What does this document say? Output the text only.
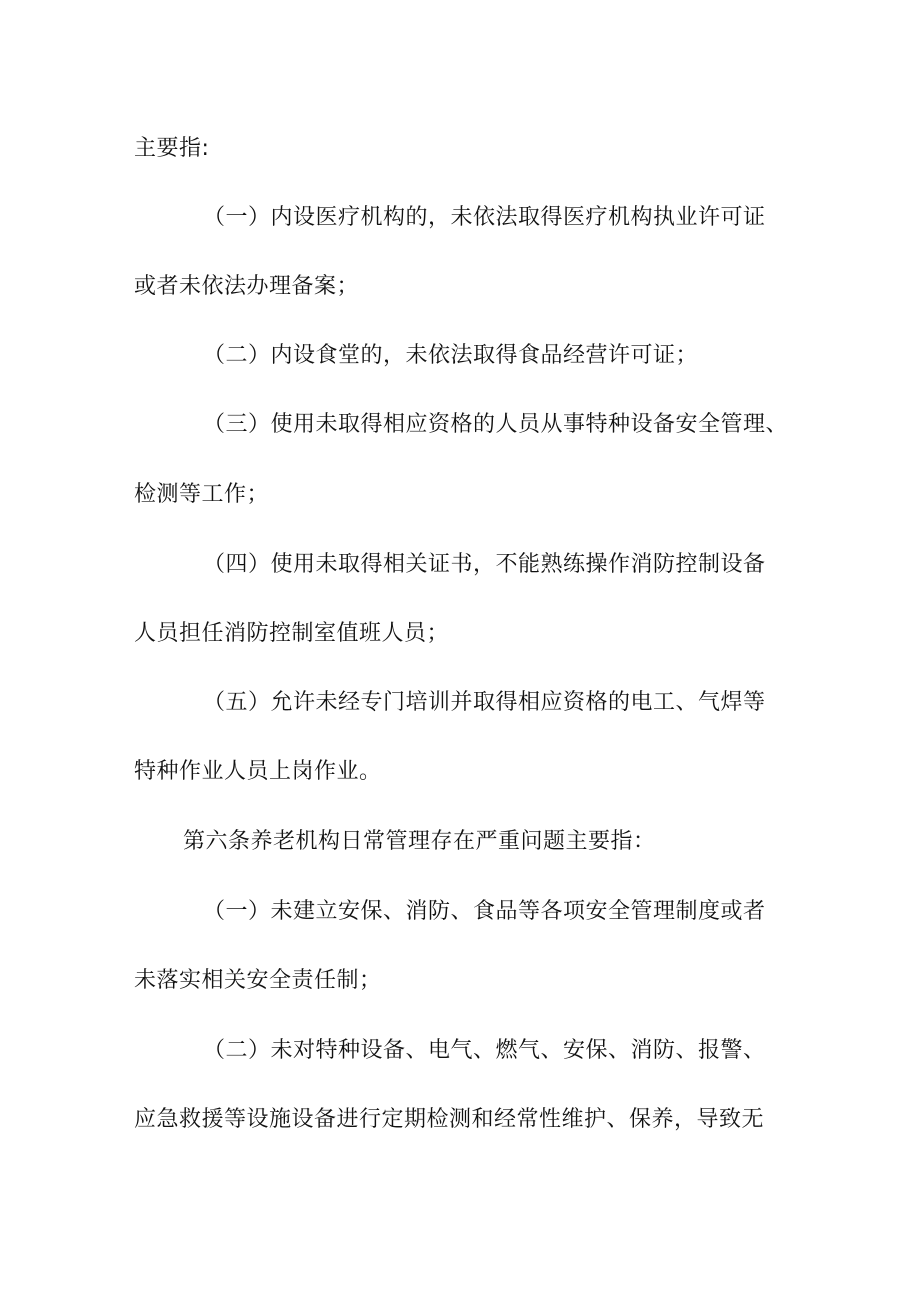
主要指:
（一）内设医疗机构的，未依法取得医疗机构执业许可证
或者未依法办理备案；
（二）内设食堂的，未依法取得食品经营许可证；
（三）使用未取得相应资格的人员从事特种设备安全管理、
检测等工作；
（四）使用未取得相关证书，不能熟练操作消防控制设备
人员担任消防控制室值班人员；
（五）允许未经专门培训并取得相应资格的电工、气焊等
特种作业人员上岗作业。
第六条养老机构日常管理存在严重问题主要指：
（一）未建立安保、消防、食品等各项安全管理制度或者
未落实相关安全责任制；
（二）未对特种设备、电气、燃气、安保、消防、报警、
应急救援等设施设备进行定期检测和经常性维护、保养，导致无
